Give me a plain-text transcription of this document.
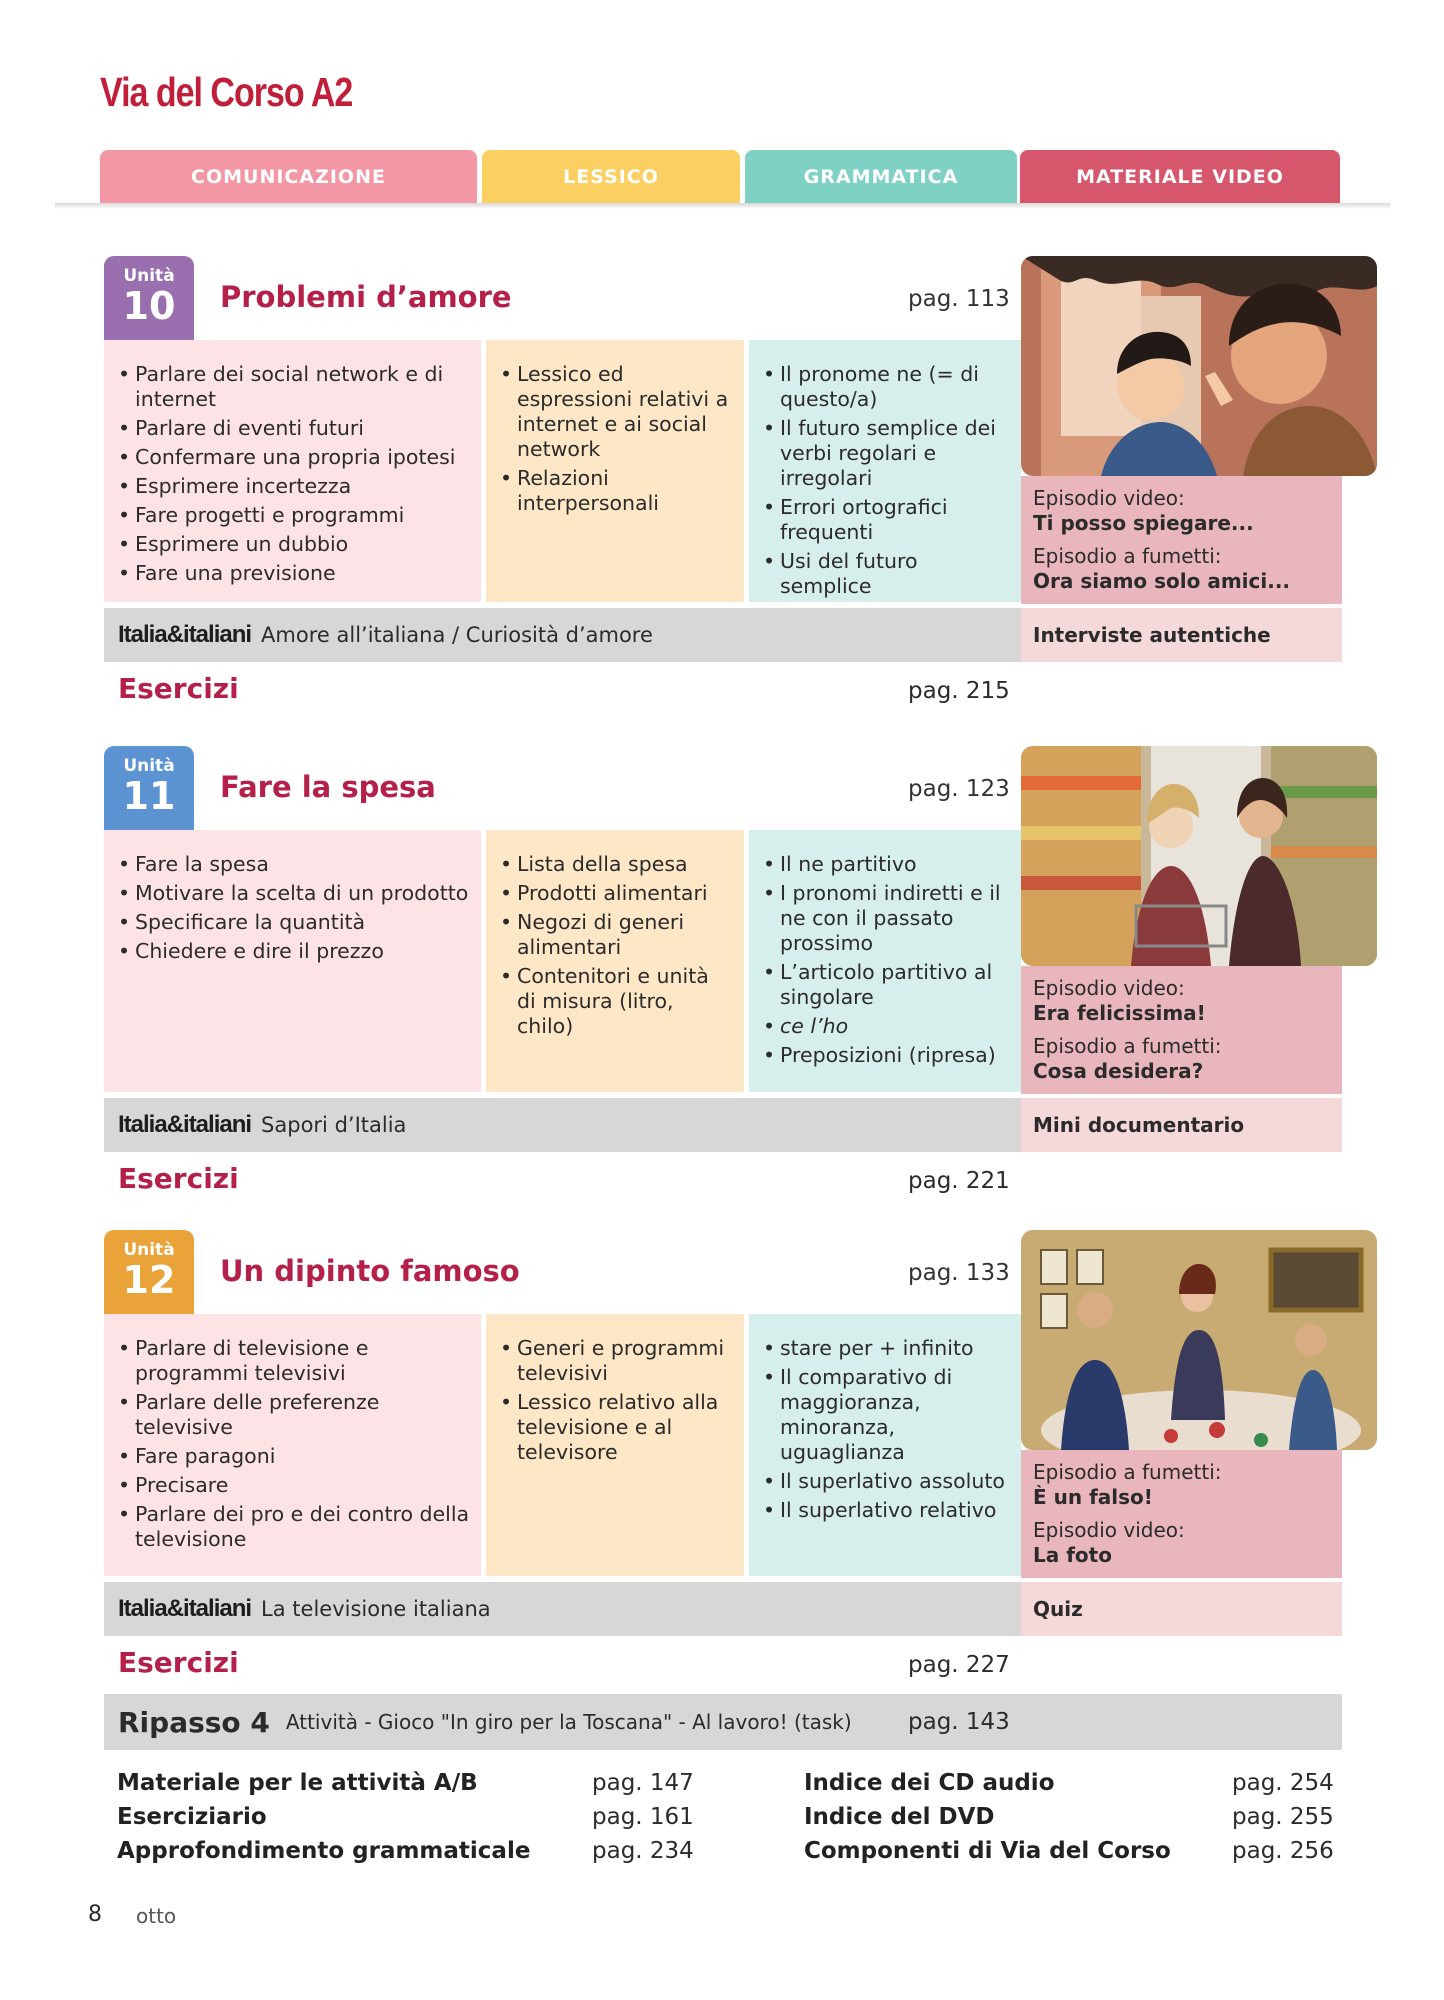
Via del Corso A2
COMUNICAZIONE	LESSICO	GRAMMATICA	MATERIALE VIDEO
Unità
10	Problemi d’amore	pag. 113
• Parlare dei social network e di internet
• Parlare di eventi futuri
• Confermare una propria ipotesi
• Esprimere incertezza
• Fare progetti e programmi
• Esprimere un dubbio
• Fare una previsione
• Lessico ed espressioni relativi a internet e ai social network
• Relazioni interpersonali
• Il pronome ne (= di questo/a)
• Il futuro semplice dei verbi regolari e irregolari
• Errori ortografici frequenti
• Usi del futuro semplice
Episodio video:
Ti posso spiegare...
Episodio a fumetti:
Ora siamo solo amici...
Italia&italiani Amore all’italiana / Curiosità d’amore	Interviste autentiche
Esercizi	pag. 215
Unità
11	Fare la spesa	pag. 123
• Fare la spesa
• Motivare la scelta di un prodotto
• Specificare la quantità
• Chiedere e dire il prezzo
• Lista della spesa
• Prodotti alimentari
• Negozi di generi alimentari
• Contenitori e unità di misura (litro, chilo)
• Il ne partitivo
• I pronomi indiretti e il ne con il passato prossimo
• L’articolo partitivo al singolare
• ce l’ho
• Preposizioni (ripresa)
Episodio video:
Era felicissima!
Episodio a fumetti:
Cosa desidera?
Italia&italiani Sapori d’Italia	Mini documentario
Esercizi	pag. 221
Unità
12	Un dipinto famoso	pag. 133
• Parlare di televisione e programmi televisivi
• Parlare delle preferenze televisive
• Fare paragoni
• Precisare
• Parlare dei pro e dei contro della televisione
• Generi e programmi televisivi
• Lessico relativo alla televisione e al televisore
• stare per + infinito
• Il comparativo di maggioranza, minoranza, uguaglianza
• Il superlativo assoluto
• Il superlativo relativo
Episodio a fumetti:
È un falso!
Episodio video:
La foto
Italia&italiani La televisione italiana	Quiz
Esercizi	pag. 227
Ripasso 4 Attività - Gioco "In giro per la Toscana" - Al lavoro! (task) pag. 143
Materiale per le attività A/B	pag. 147
Eserciziario	pag. 161
Approfondimento grammaticale	pag. 234
Indice dei CD audio	pag. 254
Indice del DVD	pag. 255
Componenti di Via del Corso	pag. 256
8 otto
